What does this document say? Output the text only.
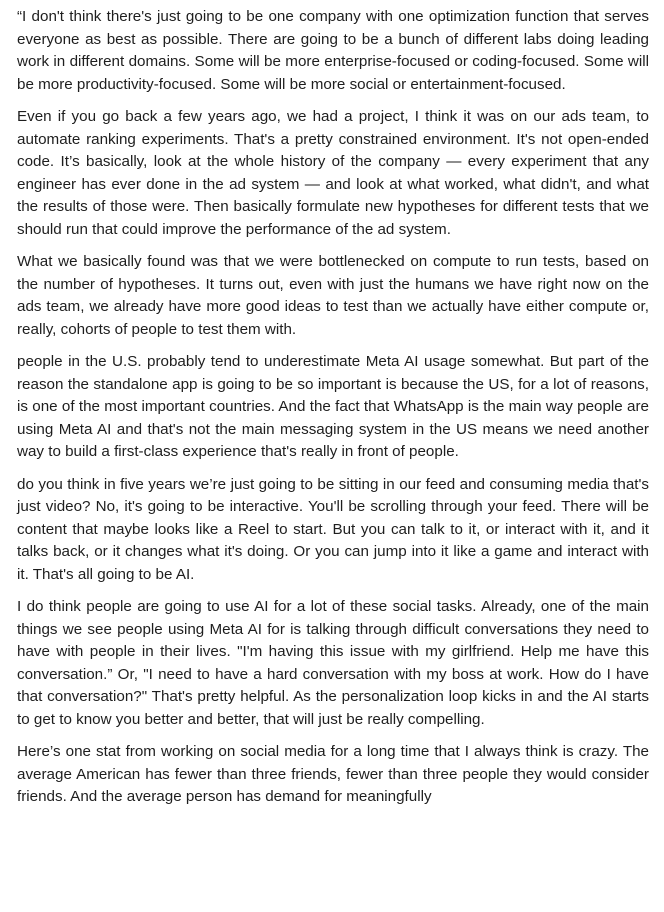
“I don't think there's just going to be one company with one optimization function that serves everyone as best as possible. There are going to be a bunch of different labs doing leading work in different domains. Some will be more enterprise-focused or coding-focused. Some will be more productivity-focused. Some will be more social or entertainment-focused.

Even if you go back a few years ago, we had a project, I think it was on our ads team, to automate ranking experiments. That's a pretty constrained environment. It's not open-ended code. It’s basically, look at the whole history of the company — every experiment that any engineer has ever done in the ad system — and look at what worked, what didn't, and what the results of those were. Then basically formulate new hypotheses for different tests that we should run that could improve the performance of the ad system.

What we basically found was that we were bottlenecked on compute to run tests, based on the number of hypotheses. It turns out, even with just the humans we have right now on the ads team, we already have more good ideas to test than we actually have either compute or, really, cohorts of people to test them with.

people in the U.S. probably tend to underestimate Meta AI usage somewhat. But part of the reason the standalone app is going to be so important is because the US, for a lot of reasons, is one of the most important countries. And the fact that WhatsApp is the main way people are using Meta AI and that's not the main messaging system in the US means we need another way to build a first-class experience that's really in front of people.

do you think in five years we’re just going to be sitting in our feed and consuming media that's just video? No, it's going to be interactive. You'll be scrolling through your feed. There will be content that maybe looks like a Reel to start. But you can talk to it, or interact with it, and it talks back, or it changes what it's doing. Or you can jump into it like a game and interact with it. That's all going to be AI.

I do think people are going to use AI for a lot of these social tasks. Already, one of the main things we see people using Meta AI for is talking through difficult conversations they need to have with people in their lives. "I'm having this issue with my girlfriend. Help me have this conversation.” Or, "I need to have a hard conversation with my boss at work. How do I have that conversation?" That's pretty helpful. As the personalization loop kicks in and the AI starts to get to know you better and better, that will just be really compelling.

Here’s one stat from working on social media for a long time that I always think is crazy. The average American has fewer than three friends, fewer than three people they would consider friends. And the average person has demand for meaningfully
